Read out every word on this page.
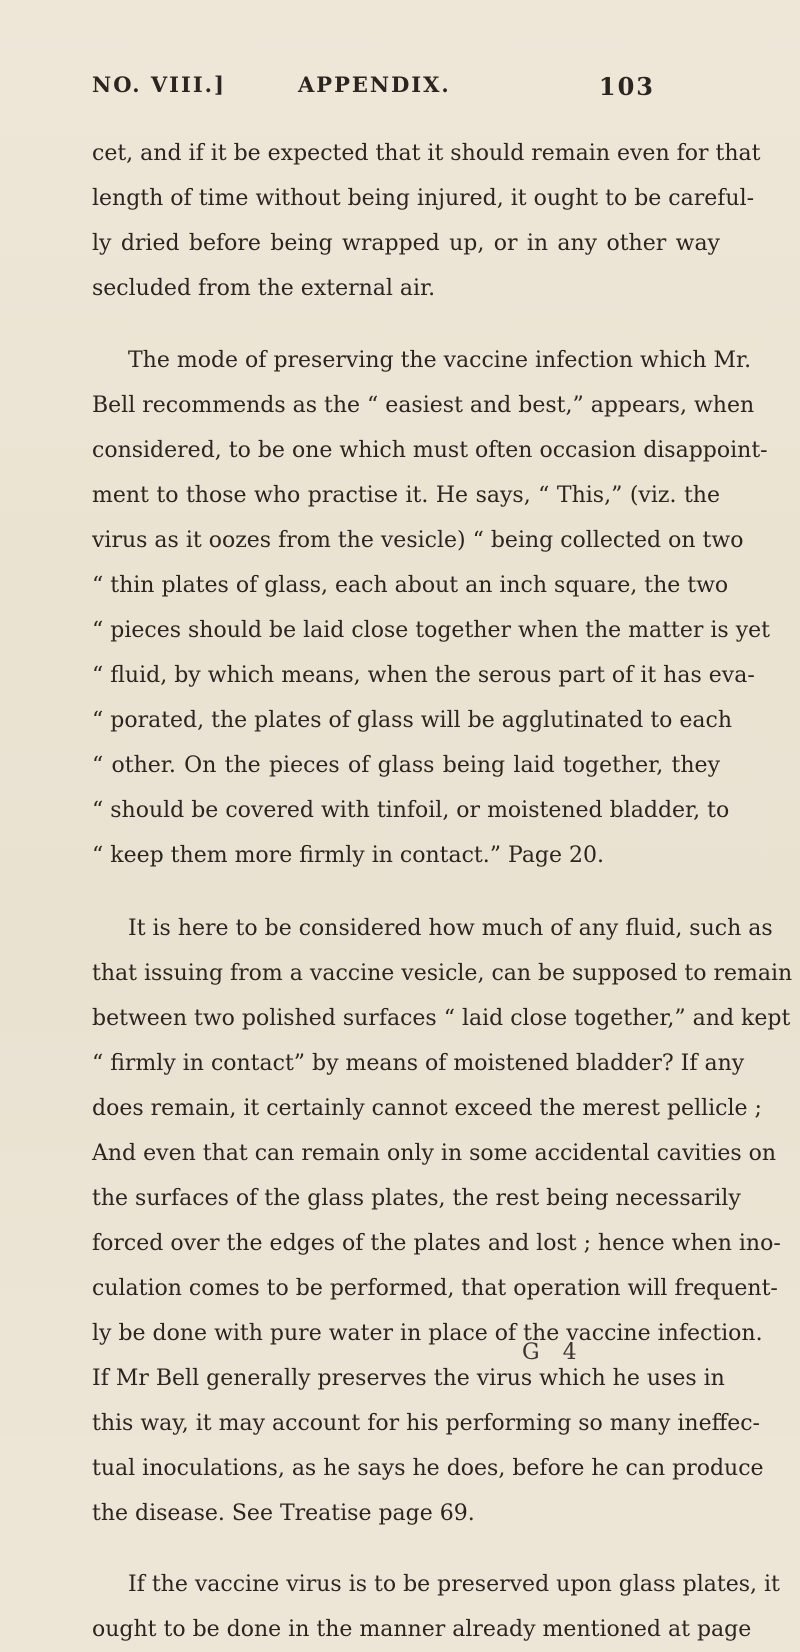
NO. VIII.]	APPENDIX.	103

cet, and if it be expected that it should remain even for that
length of time without being injured, it ought to be careful-
ly dried before being wrapped up, or in any other way
secluded from the external air.

The mode of preserving the vaccine infection which Mr.
Bell recommends as the “ easiest and best,” appears, when
considered, to be one which must often occasion disappoint-
ment to those who practise it. He says, “ This,” (viz. the
virus as it oozes from the vesicle) “ being collected on two
“ thin plates of glass, each about an inch square, the two
“ pieces should be laid close together when the matter is yet
“ fluid, by which means, when the serous part of it has eva-
“ porated, the plates of glass will be agglutinated to each
“ other. On the pieces of glass being laid together, they
“ should be covered with tinfoil, or moistened bladder, to
“ keep them more firmly in contact.” Page 20.

It is here to be considered how much of any fluid, such as
that issuing from a vaccine vesicle, can be supposed to remain
between two polished surfaces “ laid close together,” and kept
“ firmly in contact” by means of moistened bladder? If any
does remain, it certainly cannot exceed the merest pellicle ;
And even that can remain only in some accidental cavities on
the surfaces of the glass plates, the rest being necessarily
forced over the edges of the plates and lost ; hence when ino-
culation comes to be performed, that operation will frequent-
ly be done with pure water in place of the vaccine infection.
If Mr Bell generally preserves the virus which he uses in
this way, it may account for his performing so many ineffec-
tual inoculations, as he says he does, before he can produce
the disease. See Treatise page 69.

If the vaccine virus is to be preserved upon glass plates, it
ought to be done in the manner already mentioned at page

G 4
